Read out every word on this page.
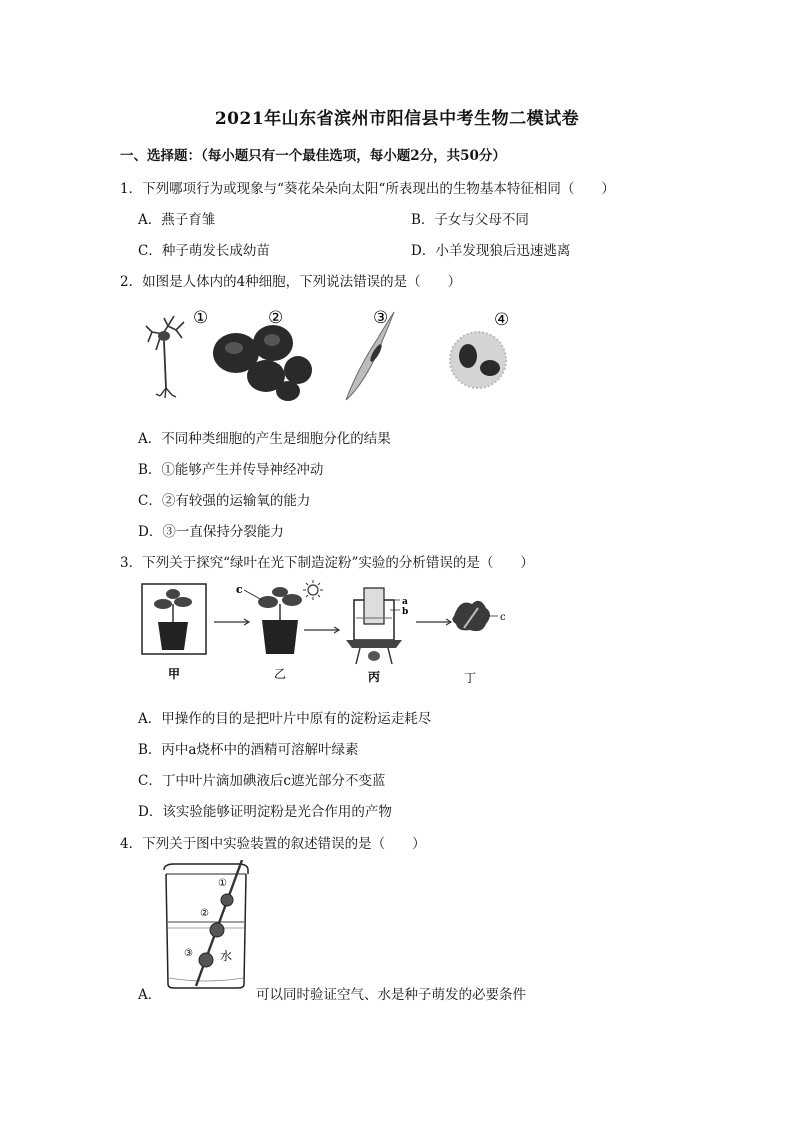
2021年山东省滨州市阳信县中考生物二模试卷
一、选择题：（每小题只有一个最佳选项，每小题2分，共50分）
1．下列哪项行为或现象与“葵花朵朵向太阳“所表现出的生物基本特征相同（　　）
A．燕子育雏	B．子女与父母不同
C．种子萌发长成幼苗	D．小羊发现狼后迅速逃离
2．如图是人体内的4种细胞，下列说法错误的是（　　）
①	②	③	④
A．不同种类细胞的产生是细胞分化的结果
B．①能够产生并传导神经冲动
C．②有较强的运输氧的能力
D．③一直保持分裂能力
3．下列关于探究“绿叶在光下制造淀粉”实验的分析错误的是（　　）
甲
c
乙
a
b
丙
c
丁
A．甲操作的目的是把叶片中原有的淀粉运走耗尽
B．丙中a烧杯中的酒精可溶解叶绿素
C．丁中叶片滴加碘液后c遮光部分不变蓝
D．该实验能够证明淀粉是光合作用的产物
4．下列关于图中实验装置的叙述错误的是（　　）
①
②
③ 水
A．	可以同时验证空气、水是种子萌发的必要条件
